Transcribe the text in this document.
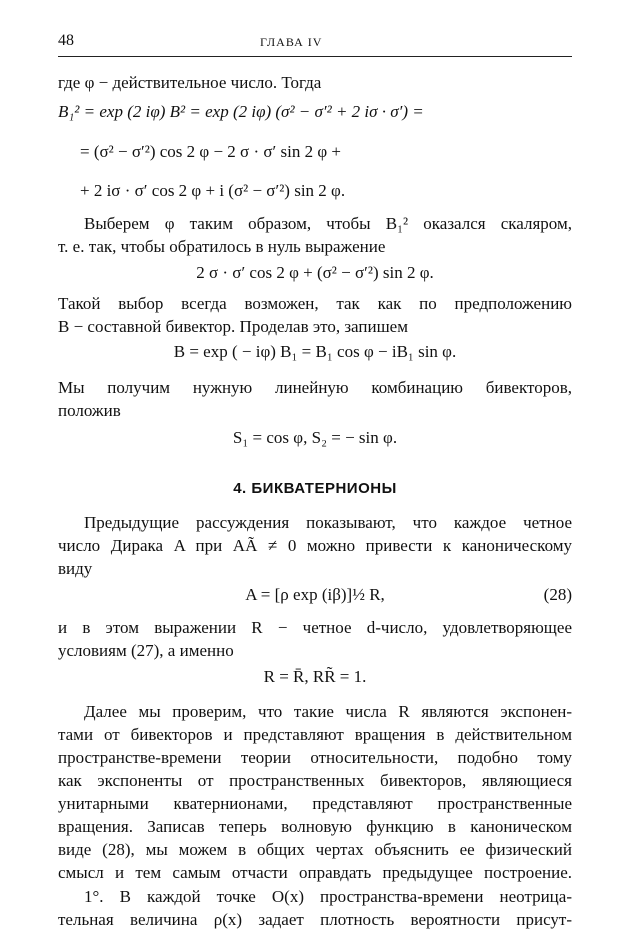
48	ГЛАВА IV
где φ − действительное число. Тогда
B₁² = exp (2 iφ) B² = exp (2 iφ) (σ² − σ′² + 2 iσ · σ′) =
= (σ² − σ′²) cos 2 φ − 2 σ · σ′ sin 2 φ +
+ 2 iσ · σ′ cos 2 φ + i (σ² − σ′²) sin 2 φ.
Выберем φ таким образом, чтобы B₁² оказался скаляром,
т. е. так, чтобы обратилось в нуль выражение
2 σ · σ′ cos 2 φ + (σ² − σ′²) sin 2 φ.
Такой выбор всегда возможен, так как по предположению
B − составной бивектор. Проделав это, запишем
B = exp ( − iφ) B₁ = B₁ cos φ − iB₁ sin φ.
Мы получим нужную линейную комбинацию бивекторов,
положив
S₁ = cos φ, S₂ = − sin φ.
4. БИКВАТЕРНИОНЫ
Предыдущие рассуждения показывают, что каждое четное
число Дирака A при AÃ ≠ 0 можно привести к каноническому
виду
A = [ρ exp (iβ)]½ R,	(28)
и в этом выражении R − четное d-число, удовлетворяющее
условиям (27), а именно
R = R̄, RR̃ = 1.
Далее мы проверим, что такие числа R являются экспонен-
тами от бивекторов и представляют вращения в действительном
пространстве-времени теории относительности, подобно тому
как экспоненты от пространственных бивекторов, являющиеся
унитарными кватернионами, представляют пространственные
вращения. Записав теперь волновую функцию в каноническом
виде (28), мы можем в общих чертах объяснить ее физический
смысл и тем самым отчасти оправдать предыдущее построение.
1°. В каждой точке O(x) пространства-времени неотрица-
тельная величина ρ(x) задает плотность вероятности присут-
